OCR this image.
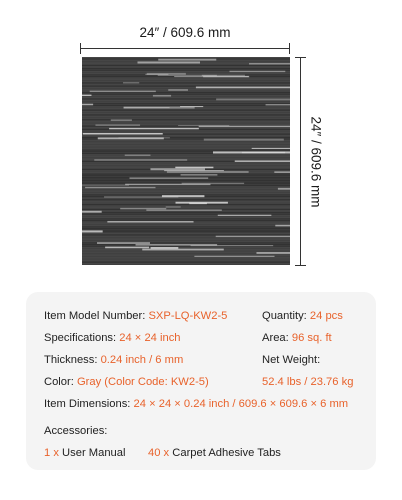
24″ / 609.6 mm
24″ / 609.6 mm
Item Model Number: SXP-LQ-KW2-5	Quantity: 24 pcs
Specifications: 24 × 24 inch	Area: 96 sq. ft
Thickness: 0.24 inch / 6 mm	Net Weight:
Color: Gray (Color Code: KW2-5)	52.4 lbs / 23.76 kg
Item Dimensions: 24 × 24 × 0.24 inch / 609.6 × 609.6 × 6 mm
Accessories:
1 x User Manual 40 x Carpet Adhesive Tabs
